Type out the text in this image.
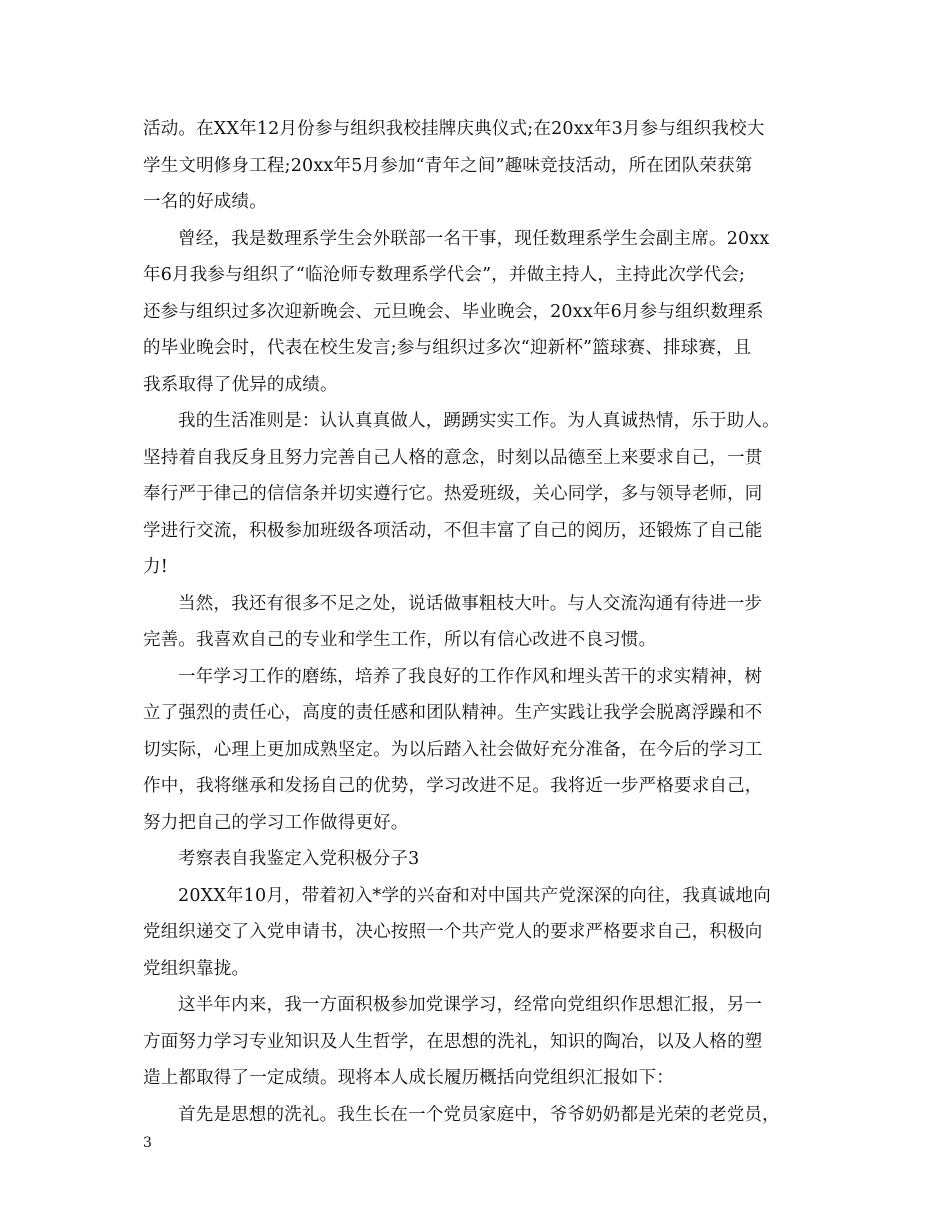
活动。在XX年12月份参与组织我校挂牌庆典仪式;在20xx年3月参与组织我校大
学生文明修身工程;20xx年5月参加“青年之间”趣味竞技活动，所在团队荣获第
一名的好成绩。
曾经，我是数理系学生会外联部一名干事，现任数理系学生会副主席。20xx
年6月我参与组织了“临沧师专数理系学代会”，并做主持人，主持此次学代会;
还参与组织过多次迎新晚会、元旦晚会、毕业晚会，20xx年6月参与组织数理系
的毕业晚会时，代表在校生发言;参与组织过多次“迎新杯”篮球赛、排球赛，且
我系取得了优异的成绩。
我的生活准则是：认认真真做人，踴踴实实工作。为人真诚热情，乐于助人。
坚持着自我反身且努力完善自己人格的意念，时刻以品德至上来要求自己，一贯
奉行严于律己的信信条并切实遵行它。热爱班级，关心同学，多与领导老师，同
学进行交流，积极参加班级各项活动，不但丰富了自己的阅历，还锻炼了自己能
力!
当然，我还有很多不足之处，说话做事粗枝大叶。与人交流沟通有待进一步
完善。我喜欢自己的专业和学生工作，所以有信心改进不良习惯。
一年学习工作的磨练，培养了我良好的工作作风和埋头苦干的求实精神，树
立了强烈的责任心，高度的责任感和团队精神。生产实践让我学会脱离浮躁和不
切实际，心理上更加成熟坚定。为以后踏入社会做好充分准备，在今后的学习工
作中，我将继承和发扬自己的优势，学习改进不足。我将近一步严格要求自己，
努力把自己的学习工作做得更好。
考察表自我鉴定入党积极分子3
20XX年10月，带着初入*学的兴奋和对中国共产党深深的向往，我真诚地向
党组织递交了入党申请书，决心按照一个共产党人的要求严格要求自己，积极向
党组织靠拢。
这半年内来，我一方面积极参加党课学习，经常向党组织作思想汇报，另一
方面努力学习专业知识及人生哲学，在思想的洗礼，知识的陶冶，以及人格的塑
造上都取得了一定成绩。现将本人成长履历概括向党组织汇报如下：
首先是思想的洗礼。我生长在一个党员家庭中，爷爷奶奶都是光荣的老党员，
3
